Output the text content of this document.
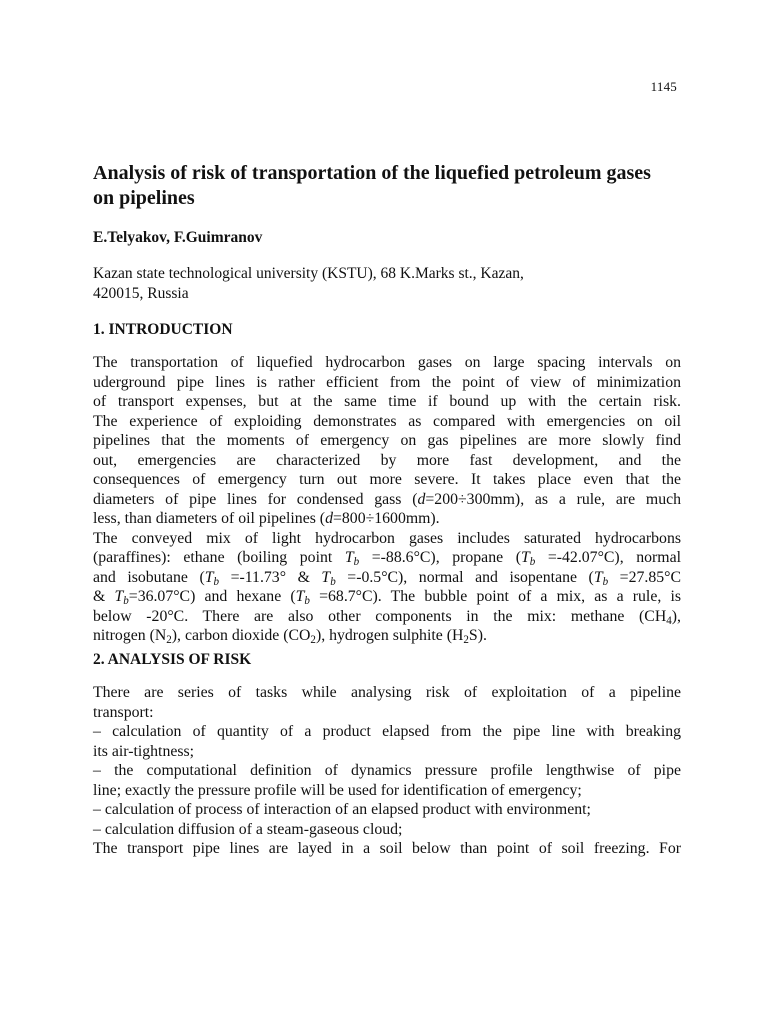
1145
Analysis of risk of transportation of the liquefied petroleum gases on pipelines

E.Telyakov, F.Guimranov

Kazan state technological university (KSTU), 68 K.Marks st., Kazan,
420015, Russia

1. INTRODUCTION
The transportation of liquefied hydrocarbon gases on large spacing intervals on
uderground pipe lines is rather efficient from the point of view of minimization
of transport expenses, but at the same time if bound up with the certain risk.
The experience of exploiding demonstrates as compared with emergencies on oil
pipelines that the moments of emergency on gas pipelines are more slowly find
out, emergencies are characterized by more fast development, and the
consequences of emergency turn out more severe. It takes place even that the
diameters of pipe lines for condensed gass (d=200÷300mm), as a rule, are much
less, than diameters of oil pipelines (d=800÷1600mm).
The conveyed mix of light hydrocarbon gases includes saturated hydrocarbons
(paraffines): ethane (boiling point $T_b =-88.6^\circ C$), propane $(T_b =-42.07^\circ C)$, normal
and isobutane ($T_b =-11.73^\circ$ & $T_b =-0.5^\circ C$), normal and isopentane ($T_b =27.85^\circ C$
& $T_b=36.07^\circ C$) and hexane $(T_b =68.7^\circ C)$. The bubble point of a mix, as a rule, is
below -20°C. There are also other components in the mix: methane $(CH_4)$,
nitrogen $(N_2)$, carbon dioxide $(CO_2)$, hydrogen sulphite $(H_2S)$.
2. ANALYSIS OF RISK
There are series of tasks while analysing risk of exploitation of a pipeline
transport:
– calculation of quantity of a product elapsed from the pipe line with breaking
its air-tightness;
– the computational definition of dynamics pressure profile lengthwise of pipe
line; exactly the pressure profile will be used for identification of emergency;
– calculation of process of interaction of an elapsed product with environment;
– calculation diffusion of a steam-gaseous cloud;
The transport pipe lines are layed in a soil below than point of soil freezing. For
